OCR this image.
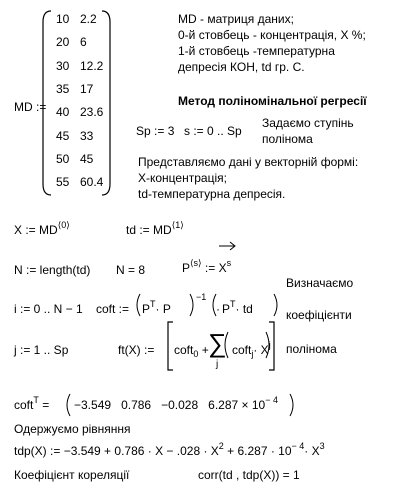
MD :=
10 2.2
20 6
30 12.2
35 17
40 23.6
45 33
50 45
55 60.4
MD - матриця даних;
0-й стовбець - концентрація, X %;
1-й стовбець -температурна
депресія КОН, td гр. С.
Метод поліномінальної регресії
Sp := 3 s := 0 .. Sp
Задаємо ступінь
полінома
Представляємо дані у векторній формі:
X-концентрація;
td-температурна депресія.
X := $MD^{⟨0⟩}$	td := $MD^{⟨1⟩}$
N := length(td) N = 8	$P^{⟨s⟩}$ := $X^s$
Визначаємо
коефіцієнти
полінома
i := 0 .. N − 1 coft := $P^T\cdot P$
−1
· $P^T\cdot$ td
j := 1 .. Sp	ft(X) := coft$_0$ + ∑
j
coft$_j$· $X^j$
coft$^T$ = −3.549 0.786 −0.028 $6.287 \times 10^{- 4}$
Одержуємо рівняння
tdp(X) := $-3.549 + 0.786 \cdot X - .028 \cdot X^2 + 6.287 \cdot 10^{- 4}\cdot X^3$
Коефіцієнт кореляції	corr(td , tdp(X)) = 1
